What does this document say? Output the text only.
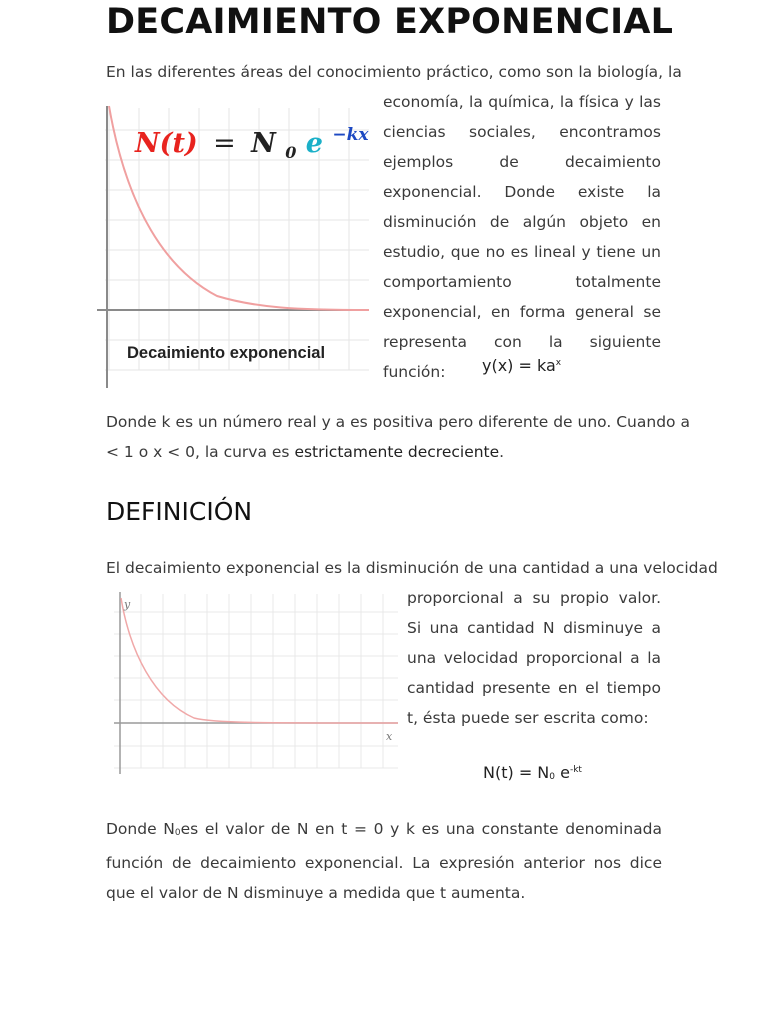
DECAIMIENTO EXPONENCIAL

En las diferentes áreas del conocimiento práctico, como son la biología, la

N(t) = N $_0$ e $^{-kx}$
Decaimiento exponencial

economía, la química, la física y las ciencias sociales, encontramos ejemplos de decaimiento exponencial. Donde existe la disminución de algún objeto en estudio, que no es lineal y tiene un comportamiento totalmente exponencial, en forma general se representa con la siguiente función:	$y(x) = ka^x$

Donde k es un número real y a es positiva pero diferente de uno. Cuando a

< 1 o x < 0, la curva es estrictamente decreciente.

DEFINICIÓN

El decaimiento exponencial es la disminución de una cantidad a una velocidad

y
x

proporcional a su propio valor. Si una cantidad N disminuye a una velocidad proporcional a la cantidad presente en el tiempo t, ésta puede ser escrita como:

N(t) = N0 $e^{-kt}$

Donde N0es el valor de N en t = 0 y k es una constante denominada función de decaimiento exponencial. La expresión anterior nos dice que el valor de N disminuye a medida que t aumenta.
